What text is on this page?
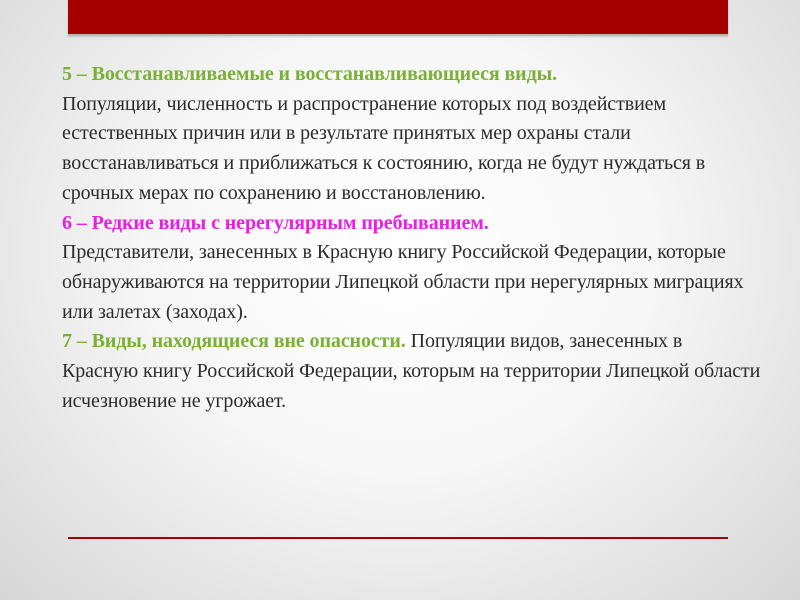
5 – Восстанавливаемые и восстанавливающиеся виды.
Популяции, численность и распространение которых под воздействием естественных причин или в результате принятых мер охраны стали восстанавливаться и приближаться к состоянию, когда не будут нуждаться в срочных мерах по сохранению и восстановлению.

6 – Редкие виды с нерегулярным пребыванием.
Представители, занесенных в Красную книгу Российской Федерации, которые обнаруживаются на территории Липецкой области при нерегулярных миграциях или залетах (заходах).

7 – Виды, находящиеся вне опасности. Популяции видов, занесенных в Красную книгу Российской Федерации, которым на территории Липецкой области исчезновение не угрожает.
